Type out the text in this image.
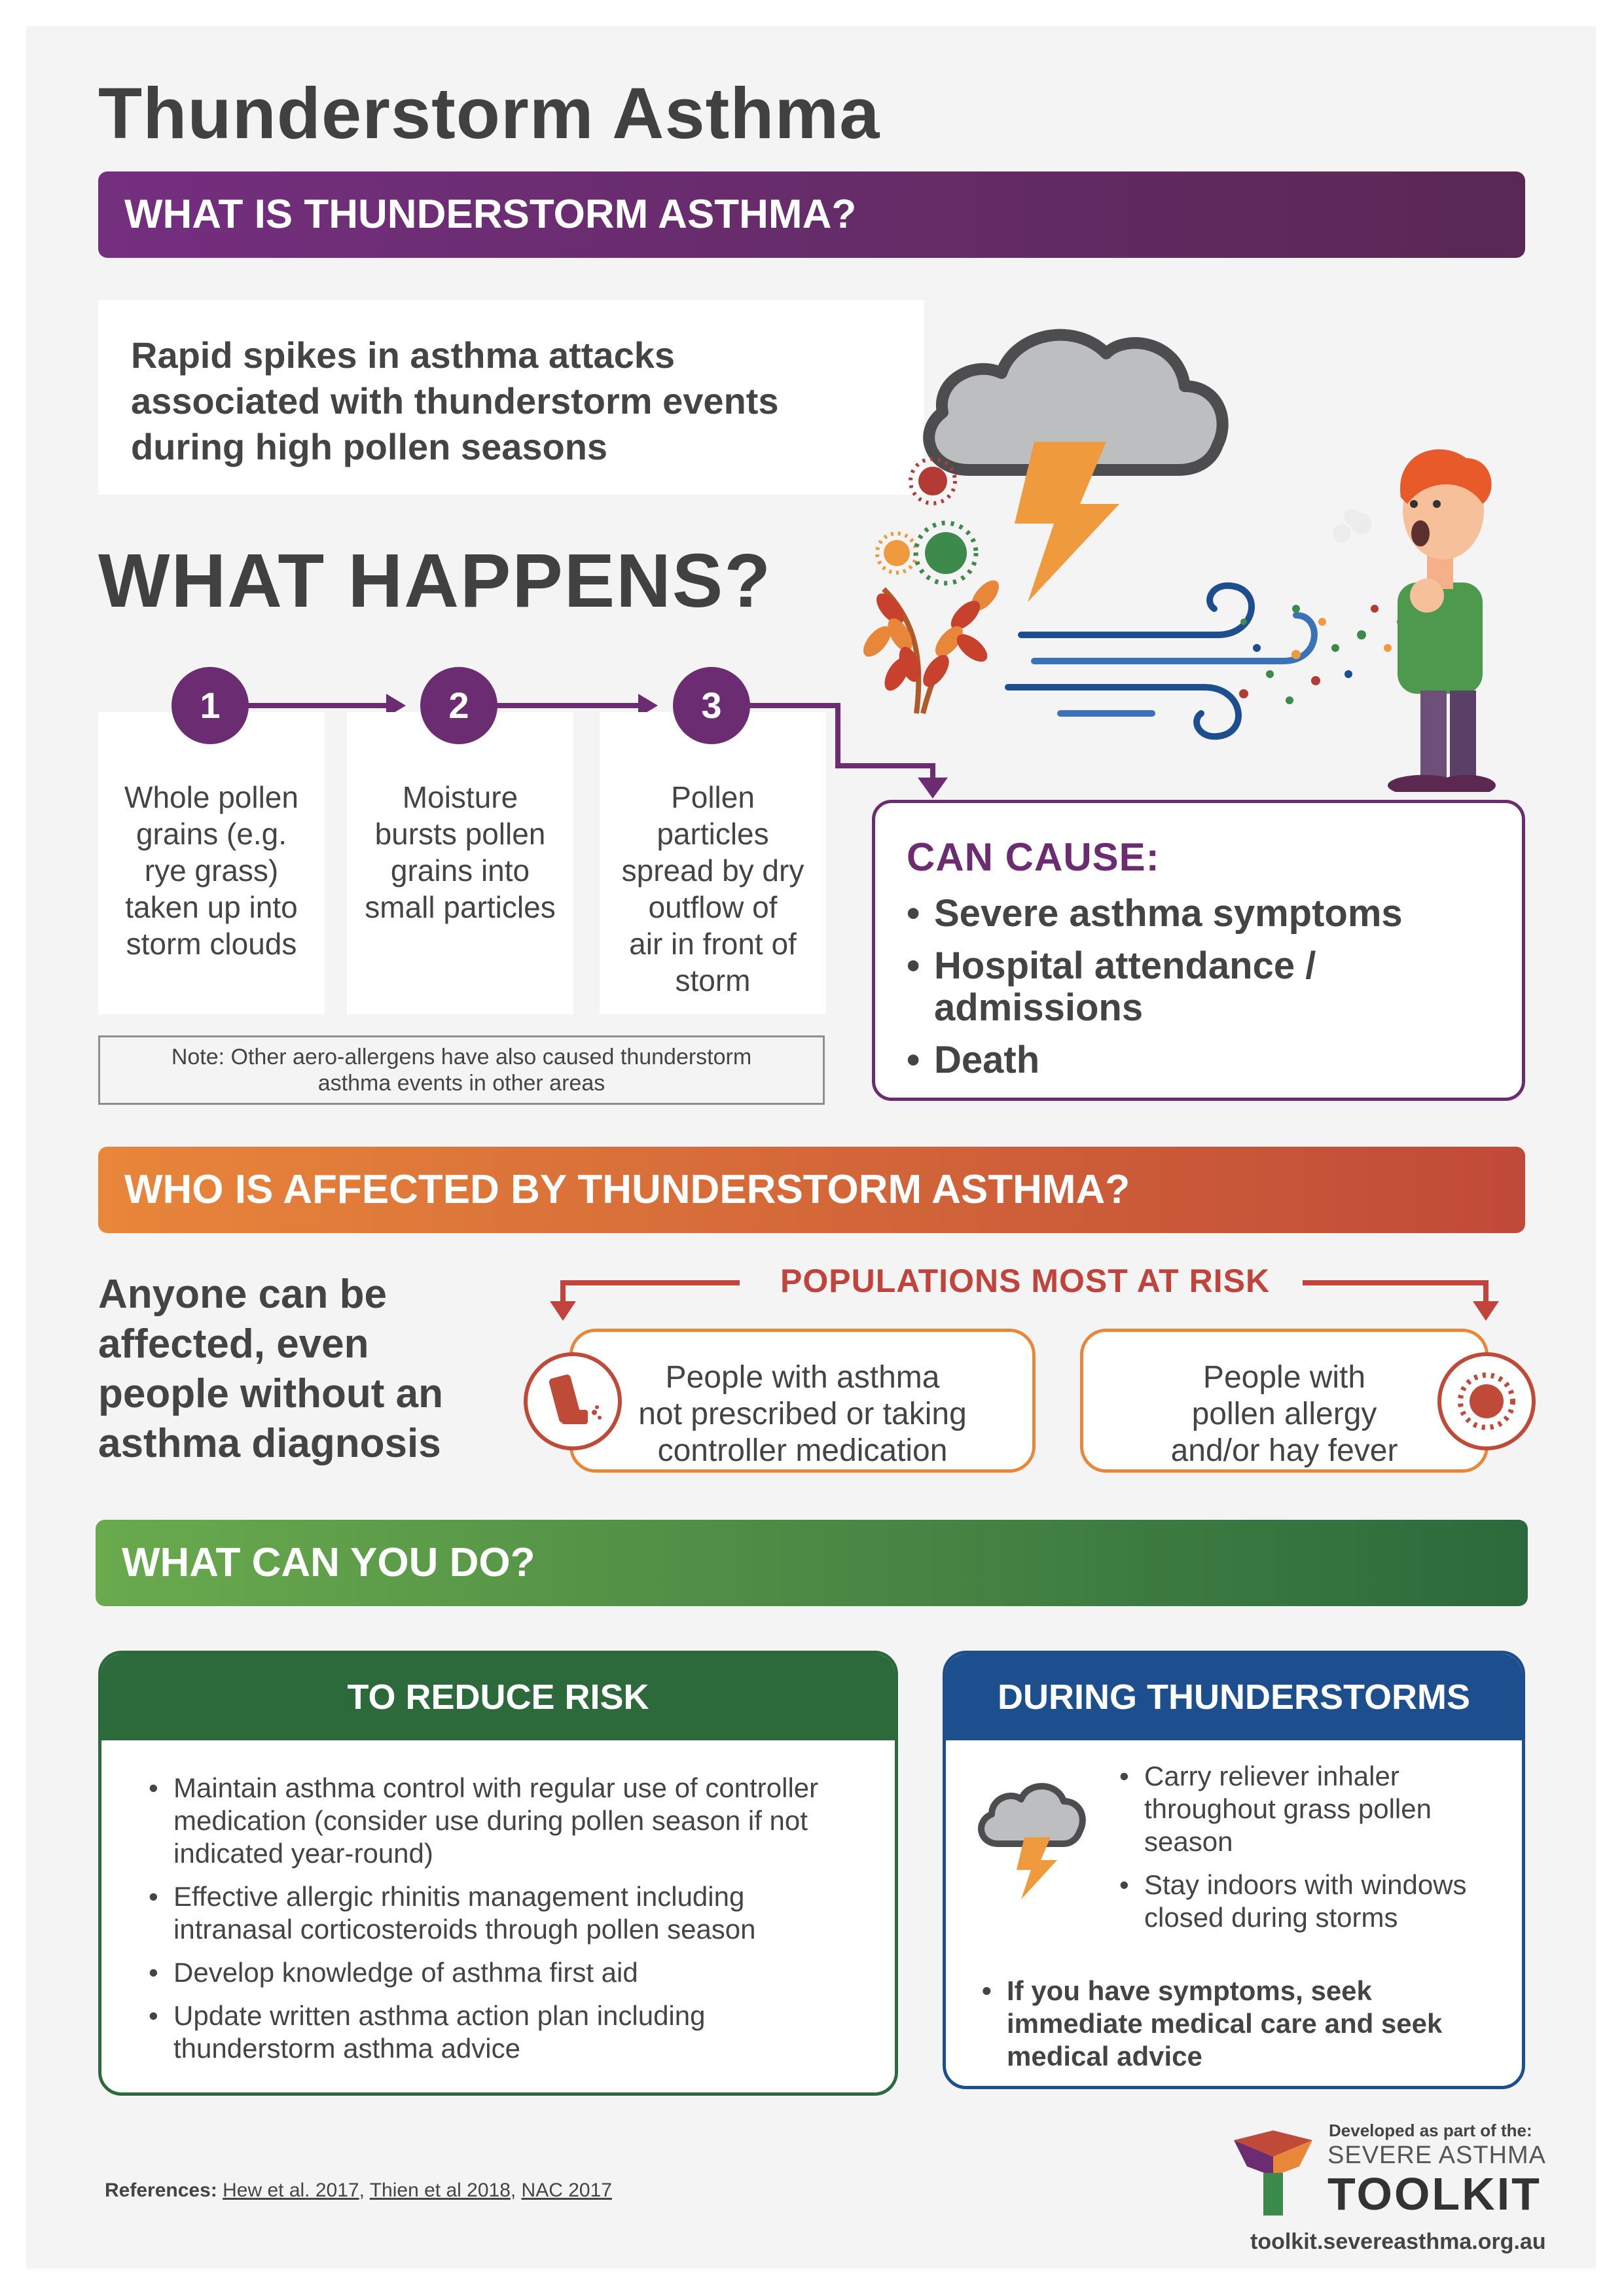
Thunderstorm Asthma
WHAT IS THUNDERSTORM ASTHMA?
Rapid spikes in asthma attacks
associated with thunderstorm events
during high pollen seasons
WHAT HAPPENS?
Whole pollen
grains (e.g.
rye grass)
taken up into
storm clouds
Moisture
bursts pollen
grains into
small particles
Pollen
particles
spread by dry
outflow of
air in front of
storm
1	2	3
Note: Other aero-allergens have also caused thunderstorm
asthma events in other areas
CAN CAUSE:
• Severe asthma symptoms
• Hospital attendance / admissions
• Death
WHO IS AFFECTED BY THUNDERSTORM ASTHMA?
Anyone can be
affected, even
people without an
asthma diagnosis
POPULATIONS MOST AT RISK
People with asthma
not prescribed or taking
controller medication
People with
pollen allergy
and/or hay fever
WHAT CAN YOU DO?
TO REDUCE RISK
• Maintain asthma control with regular use of controller medication (consider use during pollen season if not indicated year-round)
• Effective allergic rhinitis management including intranasal corticosteroids through pollen season
• Develop knowledge of asthma first aid
• Update written asthma action plan including thunderstorm asthma advice
DURING THUNDERSTORMS
• Carry reliever inhaler throughout grass pollen season
• Stay indoors with windows closed during storms
• If you have symptoms, seek immediate medical care and seek medical advice
References: Hew et al. 2017, Thien et al 2018, NAC 2017
Developed as part of the:
SEVERE ASTHMA
TOOLKIT
toolkit.severeasthma.org.au
